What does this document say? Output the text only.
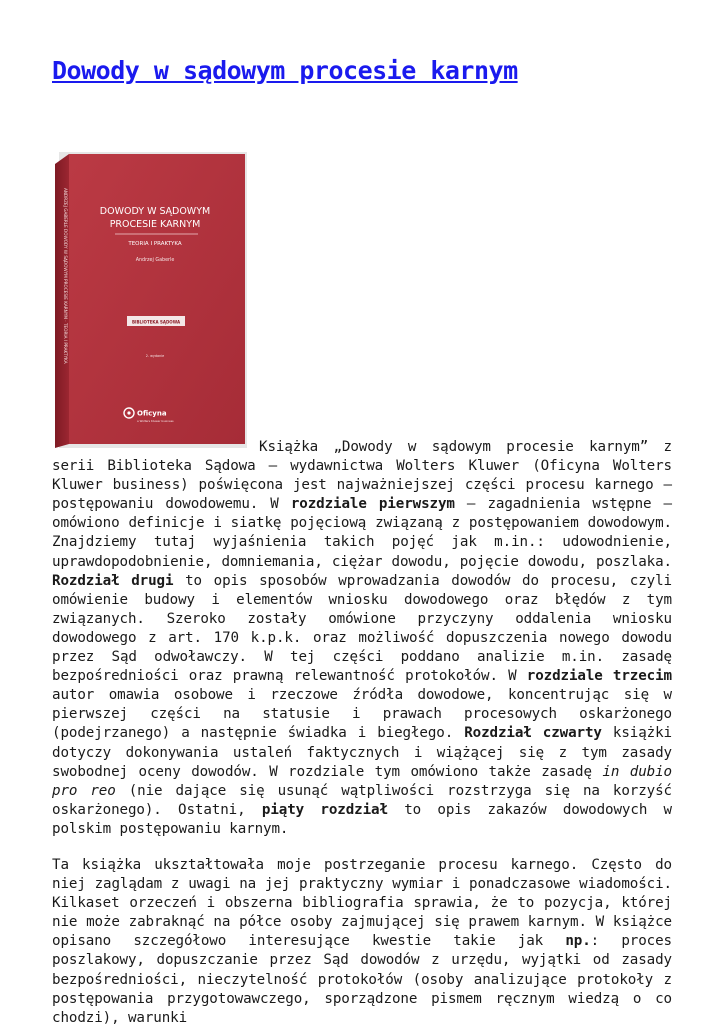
Dowody w sądowym procesie karnym
ANDRZEJ GABERLE DOWODY W SĄDOWYM PROCESIE KARNYM · TEORIA I PRAKTYKA	DOWODY W SĄDOWYM
PROCESIE KARNYM
TEORIA I PRAKTYKA
Andrzej Gaberle
BIBLIOTEKA SĄDOWA
2. wydanie
Oficyna
a Wolters Kluwer business

Książka „Dowody w sądowym procesie karnym” z serii Biblioteka Sądowa – wydawnictwa Wolters Kluwer (Oficyna Wolters Kluwer business) poświęcona jest najważniejszej części procesu karnego – postępowaniu dowodowemu. W rozdziale pierwszym – zagadnienia wstępne – omówiono definicje i siatkę pojęciową związaną z postępowaniem dowodowym. Znajdziemy tutaj wyjaśnienia takich pojęć jak m.in.: udowodnienie, uprawdopodobnienie, domniemania, ciężar dowodu, pojęcie dowodu, poszlaka. Rozdział drugi to opis sposobów wprowadzania dowodów do procesu, czyli omówienie budowy i elementów wniosku dowodowego oraz błędów z tym związanych. Szeroko zostały omówione przyczyny oddalenia wniosku dowodowego z art. 170 k.p.k. oraz możliwość dopuszczenia nowego dowodu przez Sąd odwoławczy. W tej części poddano analizie m.in. zasadę bezpośredniości oraz prawną relewantność protokołów. W rozdziale trzecim autor omawia osobowe i rzeczowe źródła dowodowe, koncentrując się w pierwszej części na statusie i prawach procesowych oskarżonego (podejrzanego) a następnie świadka i biegłego. Rozdział czwarty książki dotyczy dokonywania ustaleń faktycznych i wiążącej się z tym zasady swobodnej oceny dowodów. W rozdziale tym omówiono także zasadę in dubio pro reo (nie dające się usunąć wątpliwości rozstrzyga się na korzyść oskarżonego). Ostatni, piąty rozdział to opis zakazów dowodowych w polskim postępowaniu karnym.

Ta książka ukształtowała moje postrzeganie procesu karnego. Często do niej zaglądam z uwagi na jej praktyczny wymiar i ponadczasowe wiadomości. Kilkaset orzeczeń i obszerna bibliografia sprawia, że to pozycja, której nie może zabraknąć na półce osoby zajmującej się prawem karnym. W książce opisano szczegółowo interesujące kwestie takie jak np.: proces poszlakowy, dopuszczanie przez Sąd dowodów z urzędu, wyjątki od zasady bezpośredniości, nieczytelność protokołów (osoby analizujące protokoły z postępowania przygotowawczego, sporządzone pismem ręcznym wiedzą o co chodzi), warunki
